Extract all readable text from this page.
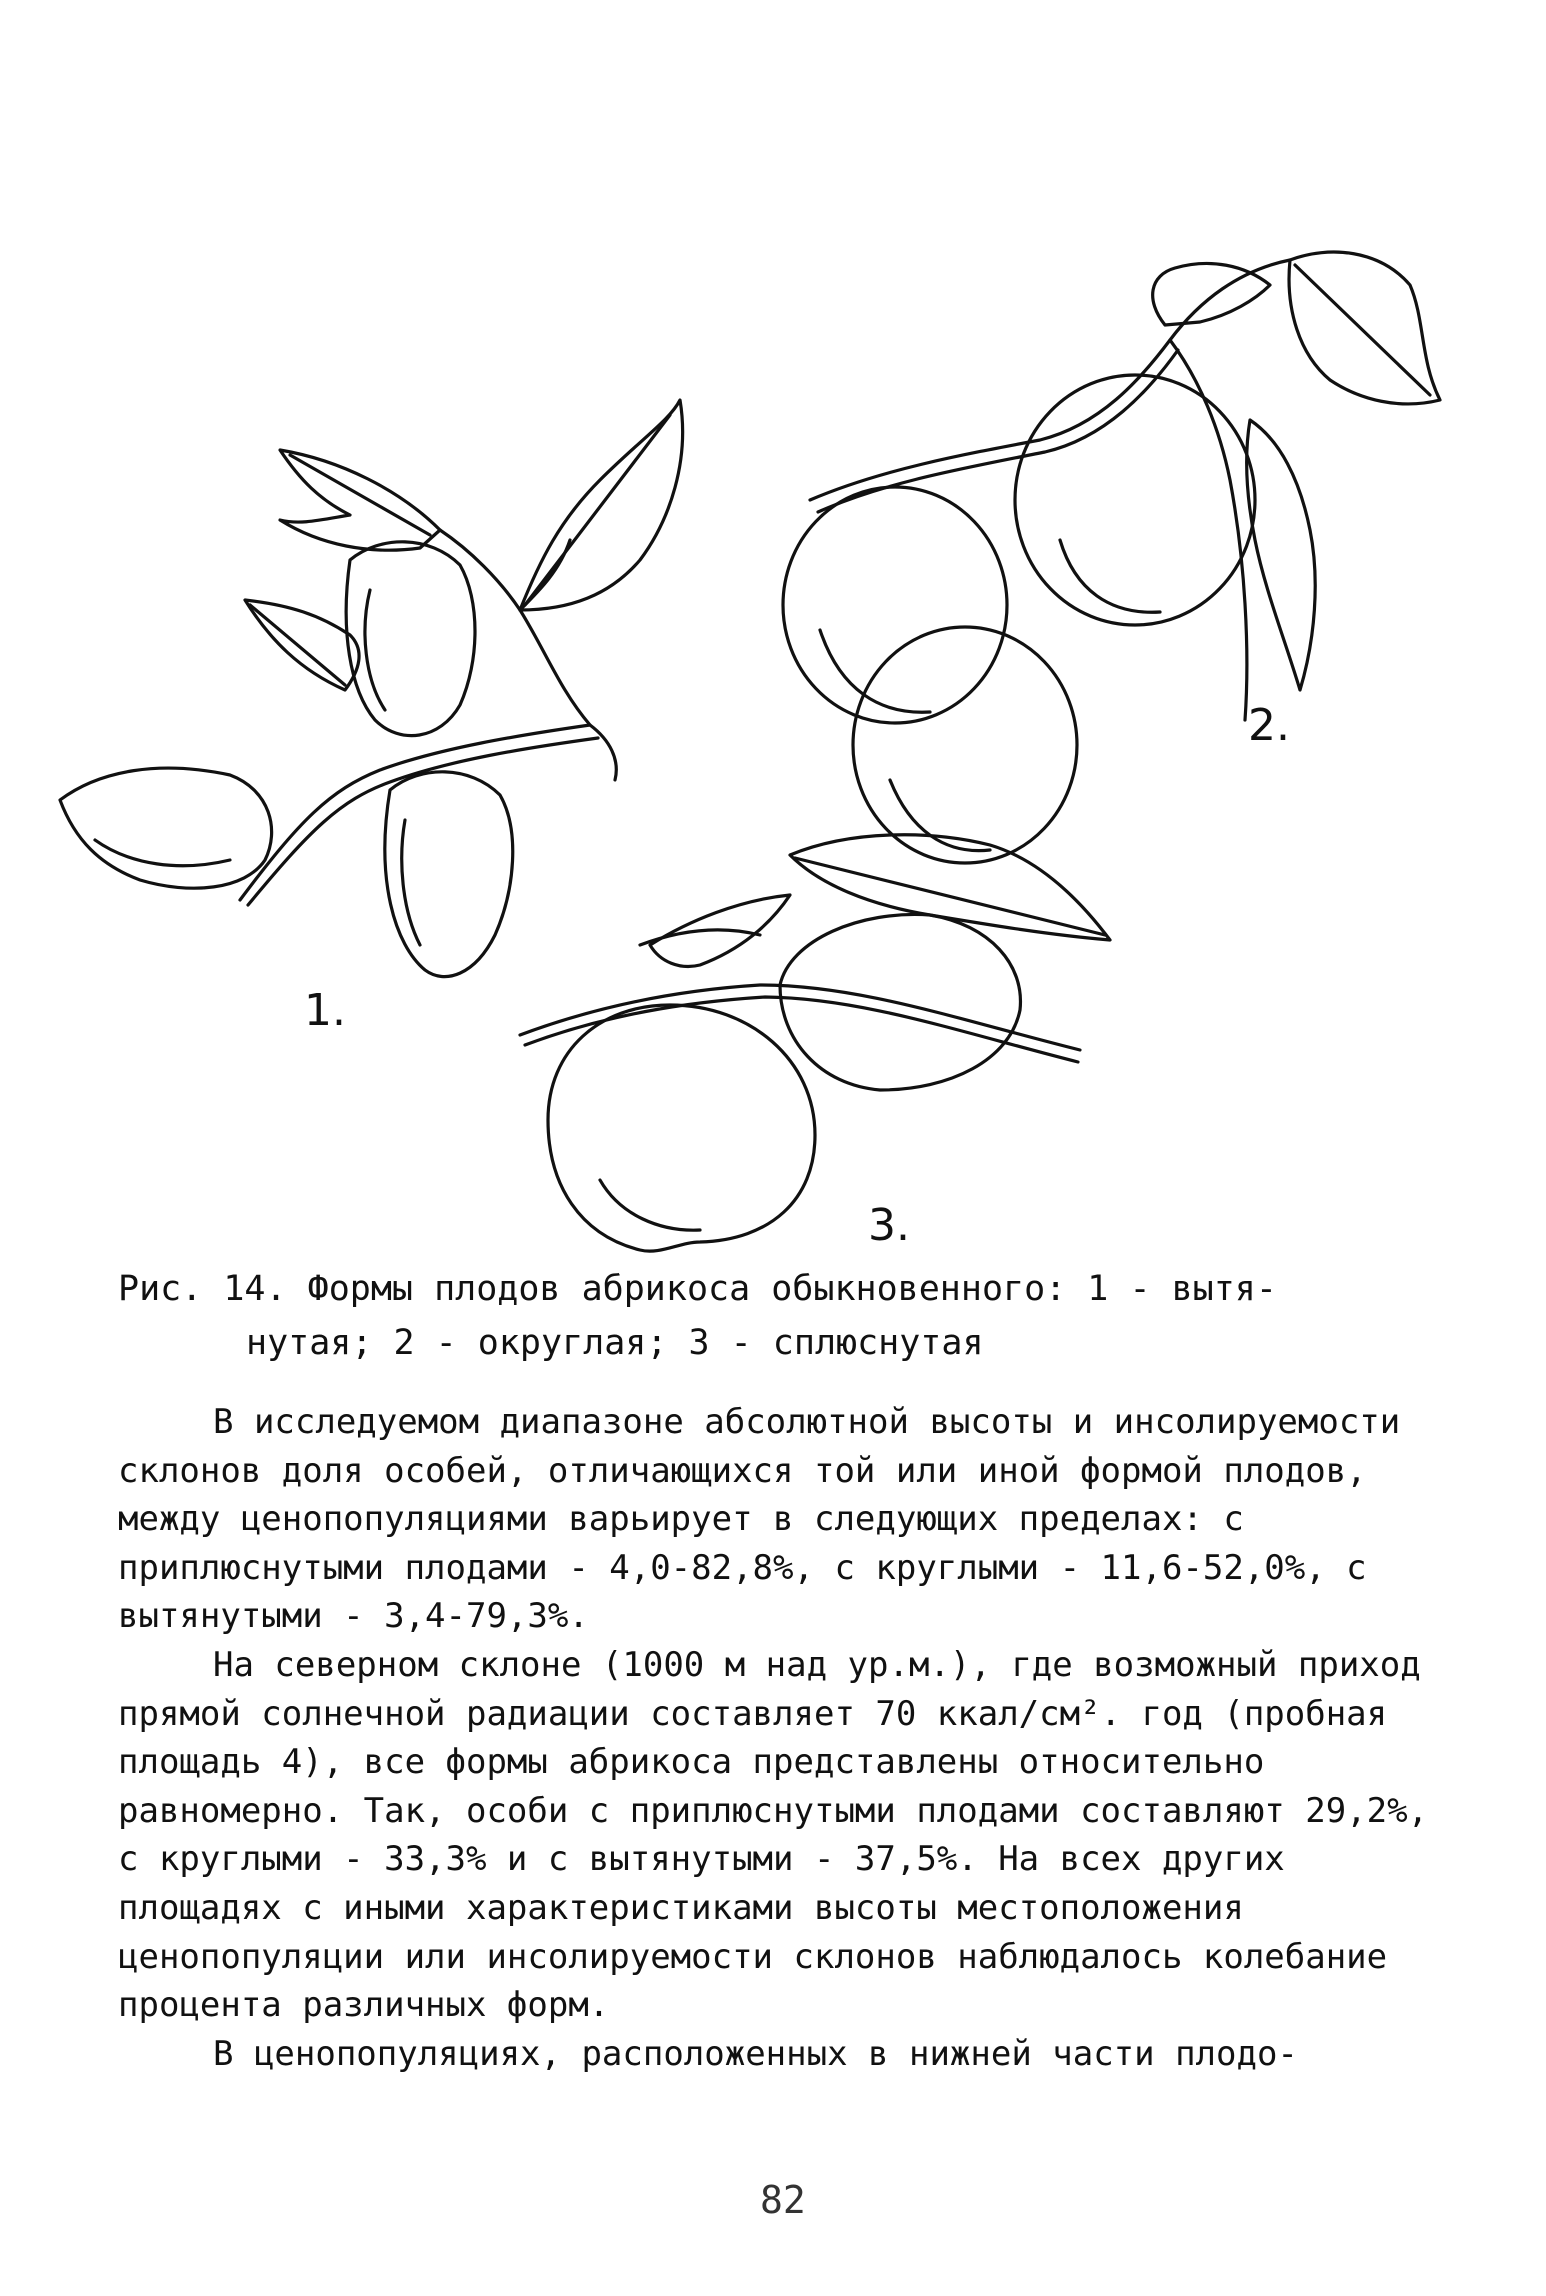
1.
2.
3.
Рис. 14. Формы плодов абрикоса обыкновенного: 1 - вытя-
нутая; 2 - округлая; 3 - сплюснутая

В исследуемом диапазоне абсолютной высоты и инсолируемости склонов доля особей, отличающихся той или иной формой плодов, между ценопопуляциями варьирует в следующих пределах: с приплюснутыми плодами - 4,0-82,8%, с круглыми - 11,6-52,0%, с вытянутыми - 3,4-79,3%.

На северном склоне (1000 м над ур.м.), где возможный приход прямой солнечной радиации составляет 70 ккал/см². год (пробная площадь 4), все формы абрикоса представлены относительно равномерно. Так, особи с приплюснутыми плодами составляют 29,2%, с круглыми - 33,3% и с вытянутыми - 37,5%. На всех других площадях с иными характеристиками высоты местоположения ценопопуляции или инсолируемости склонов наблюдалось колебание процента различных форм.

В ценопопуляциях, расположенных в нижней части плодо-

82
